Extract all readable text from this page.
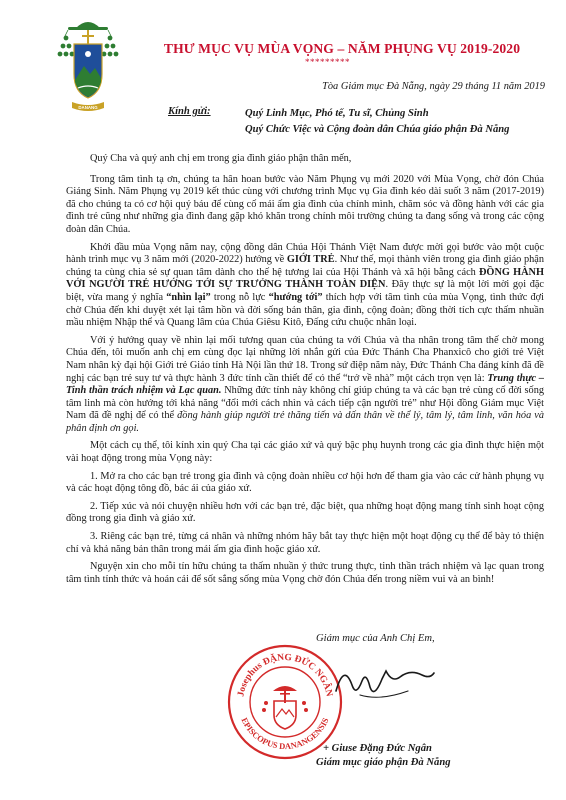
DANANG
THƯ MỤC VỤ MÙA VỌNG – NĂM PHỤNG VỤ 2019-2020
*********
Tòa Giám mục Đà Nẵng, ngày 29 tháng 11 năm 2019
Kính gửi:	Quý Linh Mục, Phó tế, Tu sĩ, Chủng Sinh
Quý Chức Việc và Cộng đoàn dân Chúa giáo phận Đà Nẵng

Quý Cha và quý anh chị em trong gia đình giáo phận thân mến,

Trong tâm tình tạ ơn, chúng ta hân hoan bước vào Năm Phụng vụ mới 2020 với Mùa Vọng, chờ đón Chúa Giáng Sinh. Năm Phụng vụ 2019 kết thúc cùng với chương trình Mục vụ Gia đình kéo dài suốt 3 năm (2017-2019) đã cho chúng ta có cơ hội quý báu để cùng cố mái ấm gia đình của chính mình, chăm sóc và đồng hành với các gia đình trẻ cũng như những gia đình đang gặp khó khăn trong chính môi trường chúng ta đang sống và trong các cộng đoàn dân Chúa.

Khởi đầu mùa Vọng năm nay, cộng đồng dân Chúa Hội Thánh Việt Nam được mời gọi bước vào một cuộc hành trình mục vụ 3 năm mới (2020-2022) hướng về GIỚI TRẺ. Như thế, mọi thành viên trong gia đình giáo phận chúng ta cùng chia sẻ sự quan tâm dành cho thế hệ tương lai của Hội Thánh và xã hội bằng cách ĐỒNG HÀNH VỚI NGƯỜI TRẺ HƯỚNG TỚI SỰ TRƯỞNG THÀNH TOÀN DIỆN. Đây thực sự là một lời mời gọi đặc biệt, vừa mang ý nghĩa “nhìn lại” trong nỗ lực “hướng tới” thích hợp với tâm tình của mùa Vọng, tình thức đợi chờ Chúa đến khi duyệt xét lại tâm hồn và đời sống bản thân, gia đình, cộng đoàn; đồng thời tích cực thấm nhuần mầu nhiệm Nhập thể và Quang lâm của Chúa Giêsu Kitô, Đấng cứu chuộc nhân loại.

Với ý hướng quay về nhìn lại mối tương quan của chúng ta với Chúa và tha nhân trong tâm thế chờ mong Chúa đến, tôi muốn anh chị em cùng đọc lại những lời nhắn gửi của Đức Thánh Cha Phanxicô cho giới trẻ Việt Nam nhân kỳ đại hội Giới trẻ Giáo tỉnh Hà Nội lần thứ 18. Trong sứ điệp năm này, Đức Thánh Cha đáng kính đã đề nghị các bạn trẻ suy tư và thực hành 3 đức tính cần thiết để có thể “trở về nhà” một cách trọn vẹn là: Trung thực – Tinh thần trách nhiệm và Lạc quan. Những đức tính này không chỉ giúp chúng ta và các bạn trẻ cùng cố đời sống tâm linh mà còn hướng tới khả năng “đổi mới cách nhìn và cách tiếp cận người trẻ” như Hội đồng Giám mục Việt Nam đã đề nghị để có thể đồng hành giúp người trẻ thăng tiến và dấn thân về thể lý, tâm lý, tâm linh, văn hóa và phân định ơn gọi.

Một cách cụ thể, tôi kính xin quý Cha tại các giáo xứ và quý bậc phụ huynh trong các gia đình thực hiện một vài hoạt động trong mùa Vọng này:

1. Mở ra cho các bạn trẻ trong gia đình và cộng đoàn nhiều cơ hội hơn để tham gia vào các cử hành phụng vụ và các hoạt động tông đồ, bác ái của giáo xứ.

2. Tiếp xúc và nói chuyện nhiều hơn với các bạn trẻ, đặc biệt, qua những hoạt động mang tính sinh hoạt cộng đồng trong gia đình và giáo xứ.

3. Riêng các bạn trẻ, từng cá nhân và những nhóm hãy bắt tay thực hiện một hoạt động cụ thể để bày tỏ thiện chí và khả năng bản thân trong mái ấm gia đình hoặc giáo xứ.

Nguyện xin cho mỗi tín hữu chúng ta thấm nhuần ý thức trung thực, tinh thần trách nhiệm và lạc quan trong tâm tình tỉnh thức và hoán cải để sốt sắng sống mùa Vọng chờ đón Chúa đến trong niềm vui và an bình!

Giám mục của Anh Chị Em,
Josephus ĐẶNG ĐỨC NGÂN
EPISCOPUS DANANGENSIS
+ Giuse Đặng Đức Ngân
Giám mục giáo phận Đà Nẵng
